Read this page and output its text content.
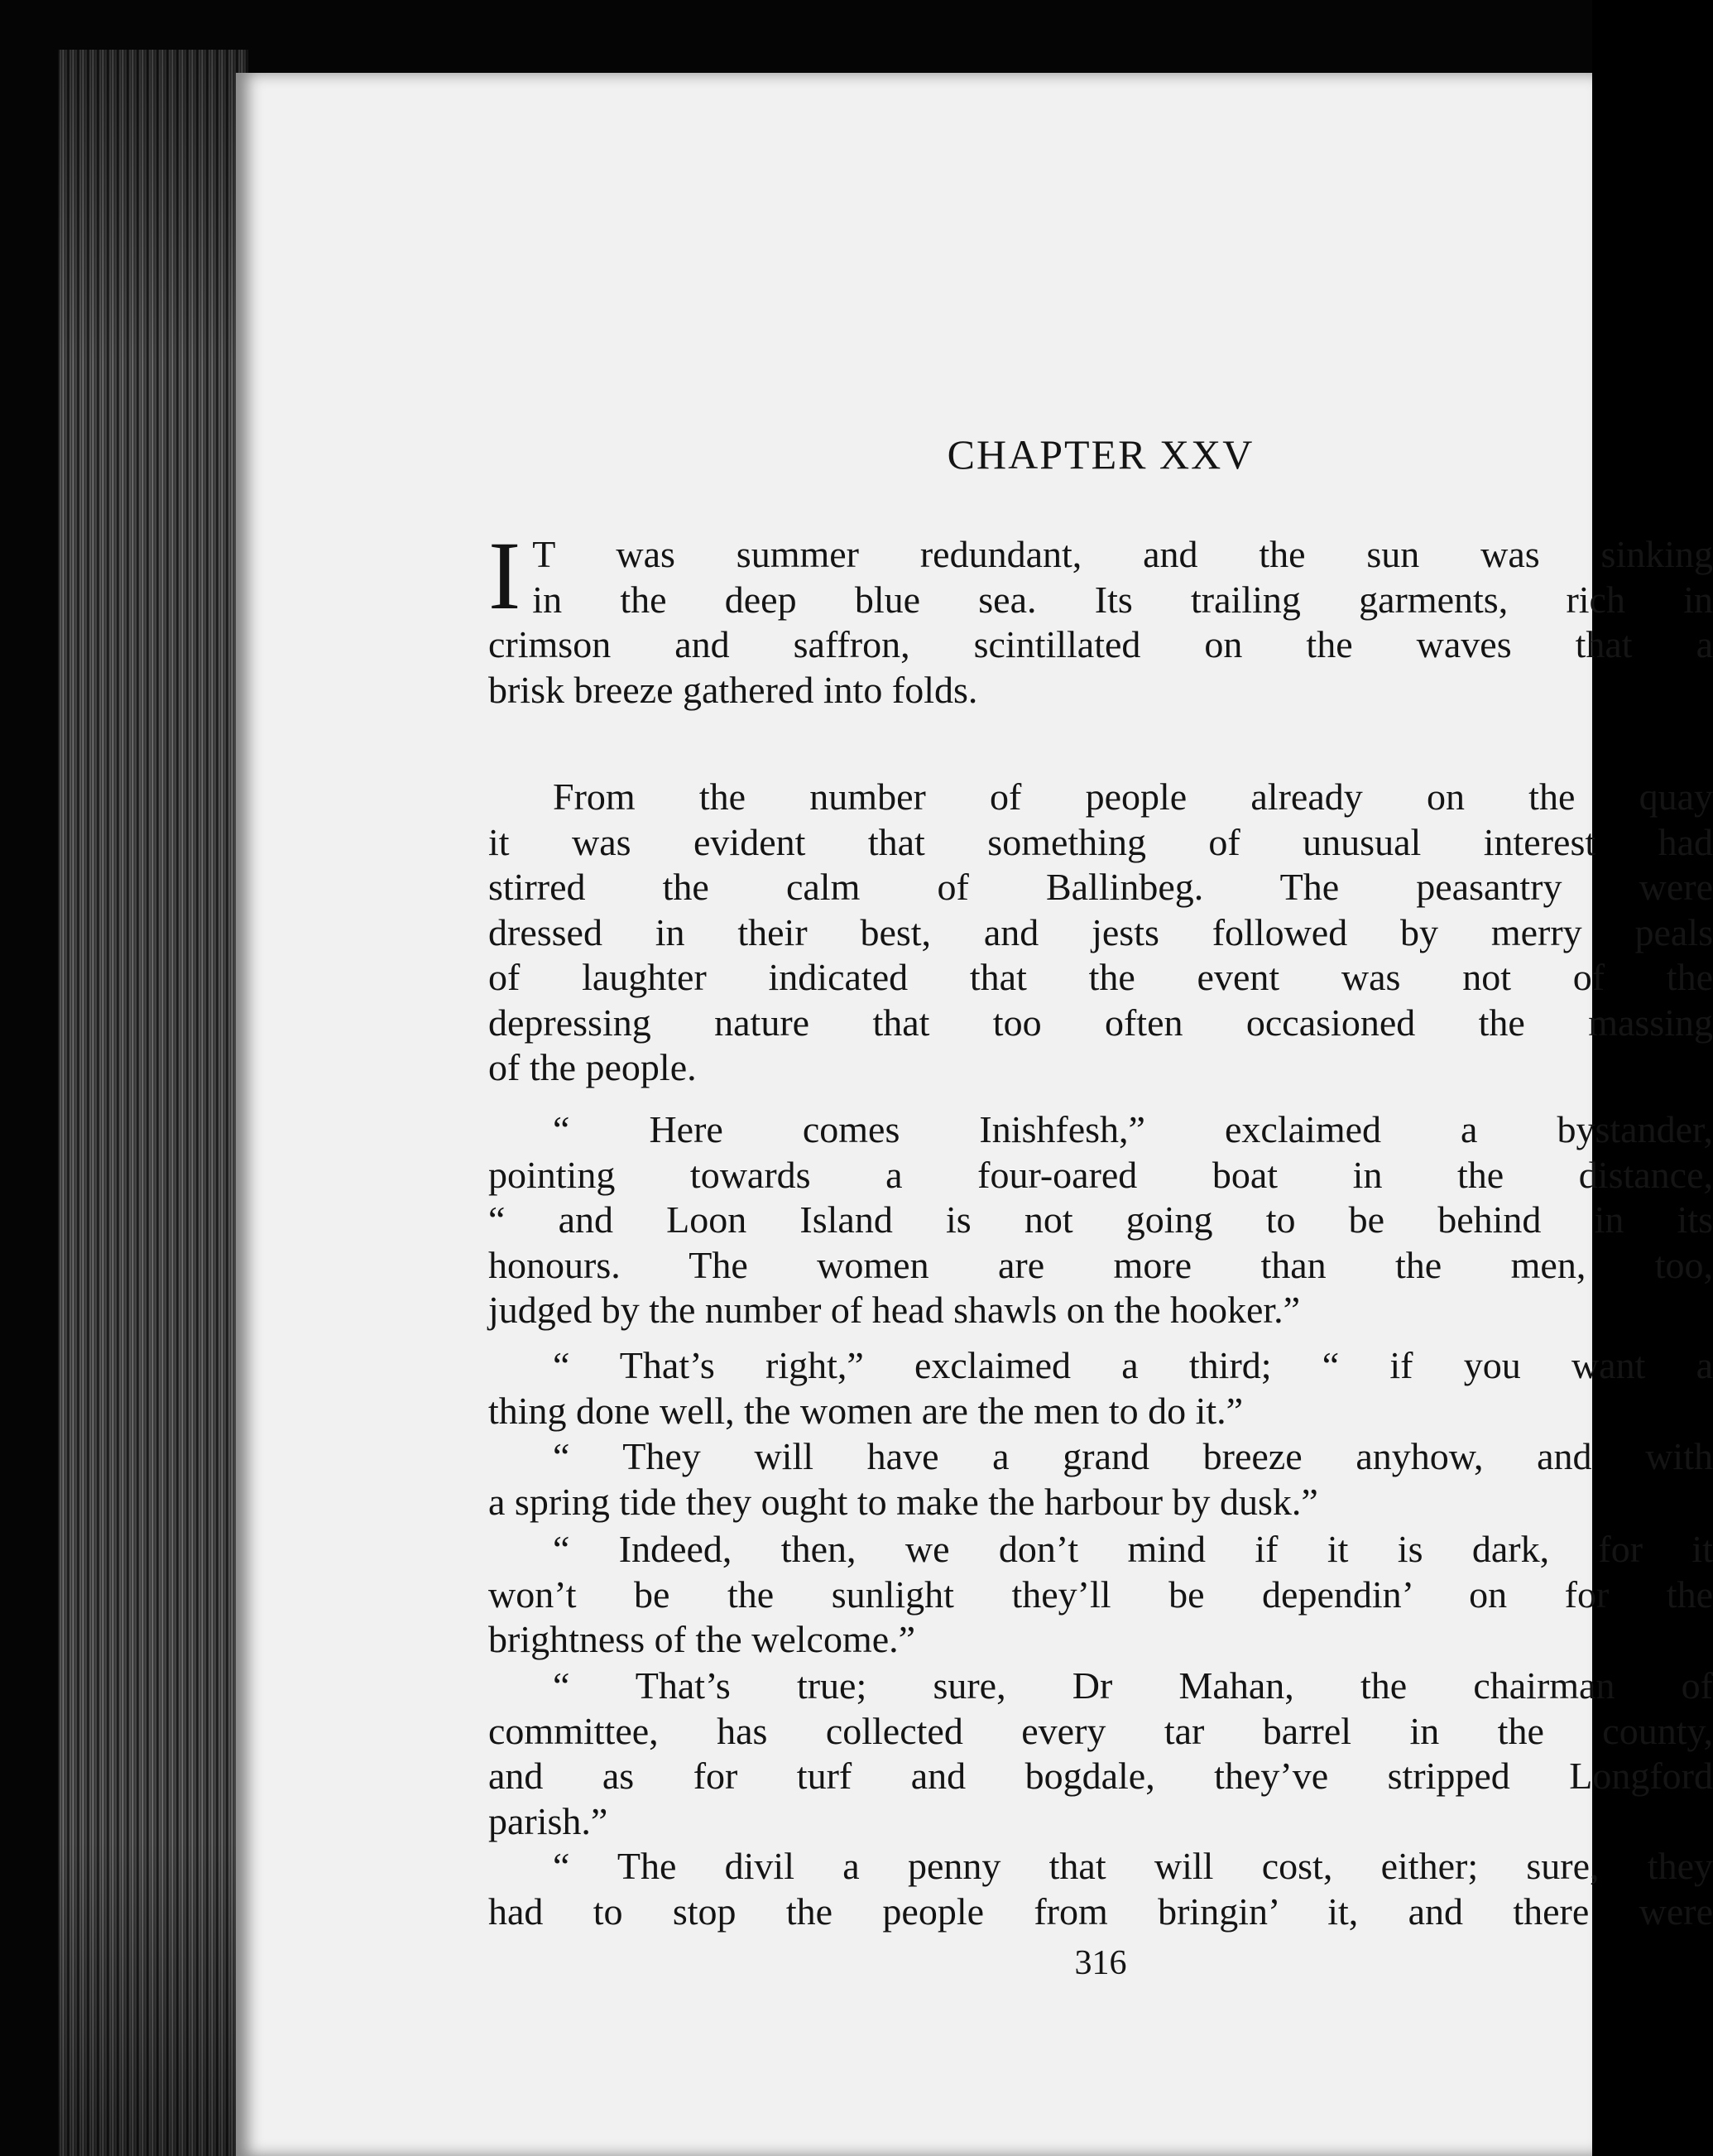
CHAPTER XXV

I T was summer redundant, and the sun was sinking
in the deep blue sea. Its trailing garments, rich in
crimson and saffron, scintillated on the waves that a
brisk breeze gathered into folds.

From the number of people already on the quay
it was evident that something of unusual interest had
stirred the calm of Ballinbeg. The peasantry were
dressed in their best, and jests followed by merry peals
of laughter indicated that the event was not of the
depressing nature that too often occasioned the massing
of the people.

“ Here comes Inishfesh,” exclaimed a bystander,
pointing towards a four-oared boat in the distance,
“ and Loon Island is not going to be behind in its
honours. The women are more than the men, too,
judged by the number of head shawls on the hooker.”

“ That’s right,” exclaimed a third; “ if you want a
thing done well, the women are the men to do it.”

“ They will have a grand breeze anyhow, and with
a spring tide they ought to make the harbour by dusk.”

“ Indeed, then, we don’t mind if it is dark, for it
won’t be the sunlight they’ll be dependin’ on for the
brightness of the welcome.”

“ That’s true; sure, Dr Mahan, the chairman of
committee, has collected every tar barrel in the county,
and as for turf and bogdale, they’ve stripped Longford
parish.”

“ The divil a penny that will cost, either; sure, they
had to stop the people from bringin’ it, and there were

316
